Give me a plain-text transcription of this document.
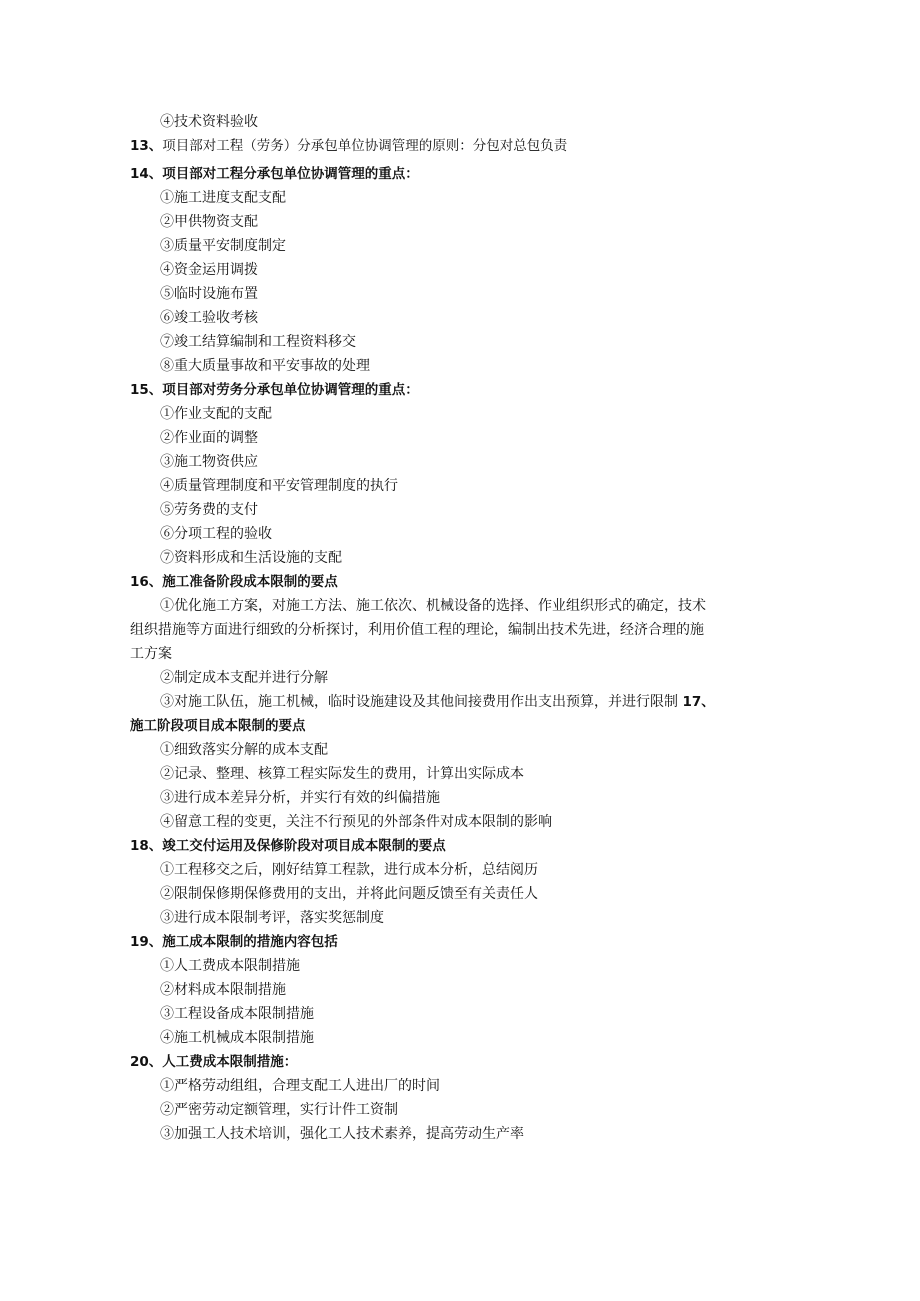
④技术资料验收
13、项目部对工程（劳务）分承包单位协调管理的原则：分包对总包负责
14、项目部对工程分承包单位协调管理的重点：
①施工进度支配支配
②甲供物资支配
③质量平安制度制定
④资金运用调拨
⑤临时设施布置
⑥竣工验收考核
⑦竣工结算编制和工程资料移交
⑧重大质量事故和平安事故的处理
15、项目部对劳务分承包单位协调管理的重点：
①作业支配的支配
②作业面的调整
③施工物资供应
④质量管理制度和平安管理制度的执行
⑤劳务费的支付
⑥分项工程的验收
⑦资料形成和生活设施的支配
16、施工准备阶段成本限制的要点
①优化施工方案，对施工方法、施工依次、机械设备的选择、作业组织形式的确定，技术
组织措施等方面进行细致的分析探讨，利用价值工程的理论，编制出技术先进，经济合理的施
工方案
②制定成本支配并进行分解
③对施工队伍，施工机械，临时设施建设及其他间接费用作出支出预算，并进行限制 17、
施工阶段项目成本限制的要点
①细致落实分解的成本支配
②记录、整理、核算工程实际发生的费用，计算出实际成本
③进行成本差异分析，并实行有效的纠偏措施
④留意工程的变更，关注不行预见的外部条件对成本限制的影响
18、竣工交付运用及保修阶段对项目成本限制的要点
①工程移交之后，刚好结算工程款，进行成本分析，总结阅历
②限制保修期保修费用的支出，并将此问题反馈至有关责任人
③进行成本限制考评，落实奖惩制度
19、施工成本限制的措施内容包括
①人工费成本限制措施
②材料成本限制措施
③工程设备成本限制措施
④施工机械成本限制措施
20、人工费成本限制措施：
①严格劳动组组，合理支配工人进出厂的时间
②严密劳动定额管理，实行计件工资制
③加强工人技术培训，强化工人技术素养，提高劳动生产率
